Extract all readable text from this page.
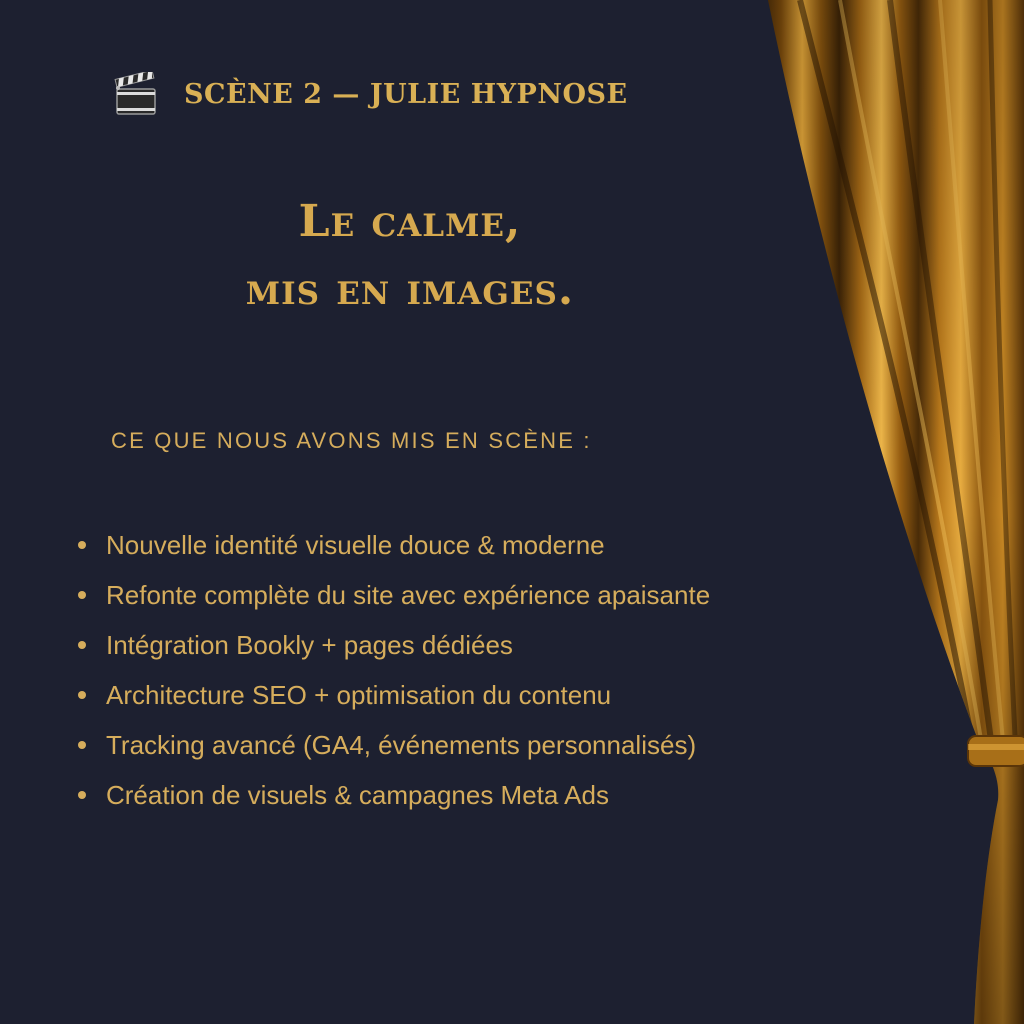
SCÈNE 2 — JULIE HYPNOSE
Le calme,
mis en images.
CE QUE NOUS AVONS MIS EN SCÈNE :
Nouvelle identité visuelle douce & moderne
Refonte complète du site avec expérience apaisante
Intégration Bookly + pages dédiées
Architecture SEO + optimisation du contenu
Tracking avancé (GA4, événements personnalisés)
Création de visuels & campagnes Meta Ads
